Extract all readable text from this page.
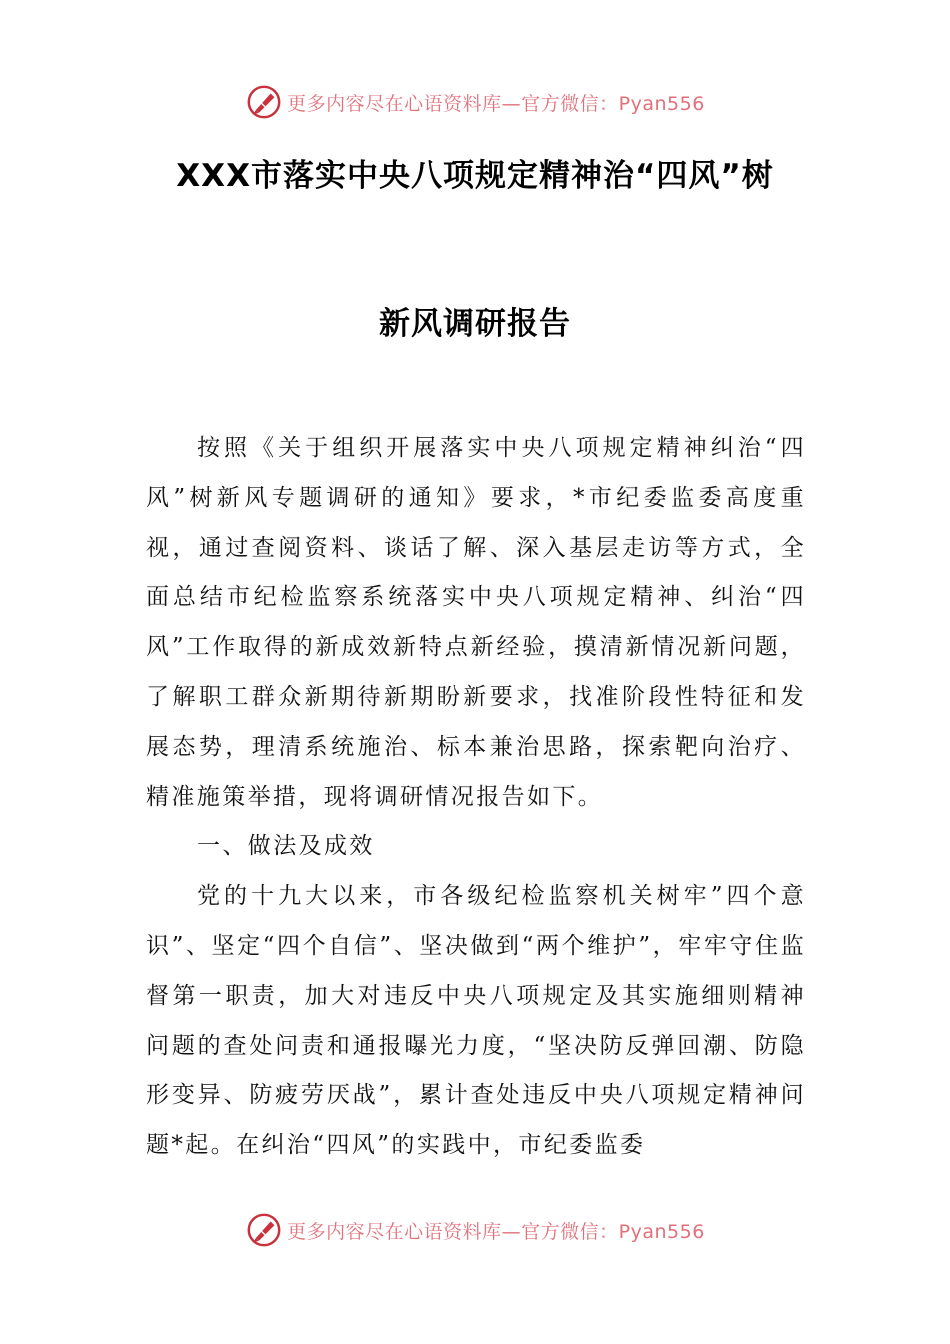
更多内容尽在心语资料库—官方微信：Pyan556
XXX市落实中央八项规定精神治“四风”树
新风调研报告

按照《关于组织开展落实中央八项规定精神纠治“四风”树新风专题调研的通知》要求，*市纪委监委高度重视，通过查阅资料、谈话了解、深入基层走访等方式，全面总结市纪检监察系统落实中央八项规定精神、纠治“四风”工作取得的新成效新特点新经验，摸清新情况新问题，了解职工群众新期待新期盼新要求，找准阶段性特征和发展态势，理清系统施治、标本兼治思路，探索靶向治疗、精准施策举措，现将调研情况报告如下。

一、做法及成效

党的十九大以来，市各级纪检监察机关树牢”四个意识”、坚定“四个自信”、坚决做到“两个维护”，牢牢守住监督第一职责，加大对违反中央八项规定及其实施细则精神问题的查处问责和通报曝光力度，“坚决防反弹回潮、防隐形变异、防疲劳厌战”，累计查处违反中央八项规定精神问题*起。在纠治“四风”的实践中，市纪委监委

更多内容尽在心语资料库—官方微信：Pyan556
